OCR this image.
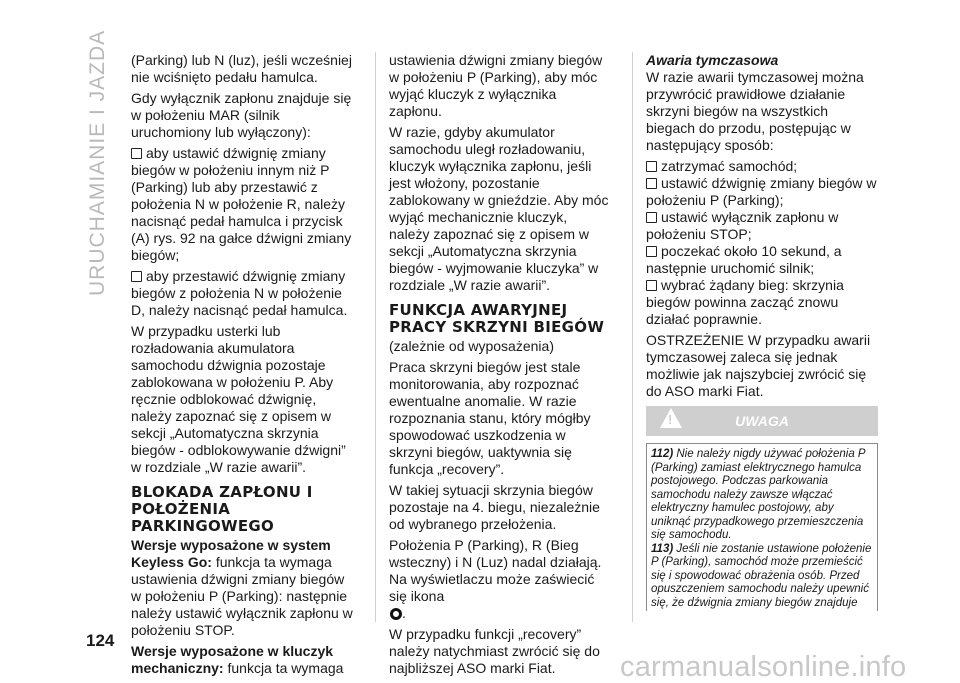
URUCHAMIANIE I JAZDA
124

(Parking) lub N (luz), jeśli wcześniej nie wciśnięto pedału hamulca.

Gdy wyłącznik zapłonu znajduje się w położeniu MAR (silnik uruchomiony lub wyłączony):

aby ustawić dźwignię zmiany biegów w położeniu innym niż P (Parking) lub aby przestawić z położenia N w położenie R, należy nacisnąć pedał hamulca i przycisk (A) rys. 92 na gałce dźwigni zmiany biegów;

aby przestawić dźwignię zmiany biegów z położenia N w położenie D, należy nacisnąć pedał hamulca.

W przypadku usterki lub rozładowania akumulatora samochodu dźwignia pozostaje zablokowana w położeniu P. Aby ręcznie odblokować dźwignię, należy zapoznać się z opisem w sekcji „Automatyczna skrzynia biegów - odblokowywanie dźwigni” w rozdziale „W razie awarii”.

BLOKADA ZAPŁONU I POŁOŻENIA PARKINGOWEGO

Wersje wyposażone w system Keyless Go: funkcja ta wymaga ustawienia dźwigni zmiany biegów w położeniu P (Parking): następnie należy ustawić wyłącznik zapłonu w położeniu STOP.

Wersje wyposażone w kluczyk mechaniczny: funkcja ta wymaga

ustawienia dźwigni zmiany biegów w położeniu P (Parking), aby móc wyjąć kluczyk z wyłącznika zapłonu.

W razie, gdyby akumulator samochodu uległ rozładowaniu, kluczyk wyłącznika zapłonu, jeśli jest włożony, pozostanie zablokowany w gnieździe. Aby móc wyjąć mechanicznie kluczyk, należy zapoznać się z opisem w sekcji „Automatyczna skrzynia biegów - wyjmowanie kluczyka” w rozdziale „W razie awarii”.

FUNKCJA AWARYJNEJ PRACY SKRZYNI BIEGÓW

(zależnie od wyposażenia)

Praca skrzyni biegów jest stale monitorowania, aby rozpoznać ewentualne anomalie. W razie rozpoznania stanu, który mógłby spowodować uszkodzenia w skrzyni biegów, uaktywnia się funkcja „recovery”.

W takiej sytuacji skrzynia biegów pozostaje na 4. biegu, niezależnie od wybranego przełożenia.

Położenia P (Parking), R (Bieg wsteczny) i N (Luz) nadal działają. Na wyświetlaczu może zaświecić się ikona
.

W przypadku funkcji „recovery” należy natychmiast zwrócić się do najbliższej ASO marki Fiat.

Awaria tymczasowa

W razie awarii tymczasowej można przywrócić prawidłowe działanie skrzyni biegów na wszystkich biegach do przodu, postępując w następujący sposób:

zatrzymać samochód;

ustawić dźwignię zmiany biegów w położeniu P (Parking);

ustawić wyłącznik zapłonu w położeniu STOP;

poczekać około 10 sekund, a następnie uruchomić silnik;

wybrać żądany bieg: skrzynia biegów powinna zacząć znowu działać poprawnie.

OSTRZEŻENIE W przypadku awarii tymczasowej zaleca się jednak możliwie jak najszybciej zwrócić się do ASO marki Fiat.

UWAGA
!

112) Nie należy nigdy używać położenia P (Parking) zamiast elektrycznego hamulca postojowego. Podczas parkowania samochodu należy zawsze włączać elektryczny hamulec postojowy, aby uniknąć przypadkowego przemieszczenia się samochodu.

113) Jeśli nie zostanie ustawione położenie P (Parking), samochód może przemieścić się i spowodować obrażenia osób. Przed opuszczeniem samochodu należy upewnić się, że dźwignia zmiany biegów znajduje

carmanualsonline.info
